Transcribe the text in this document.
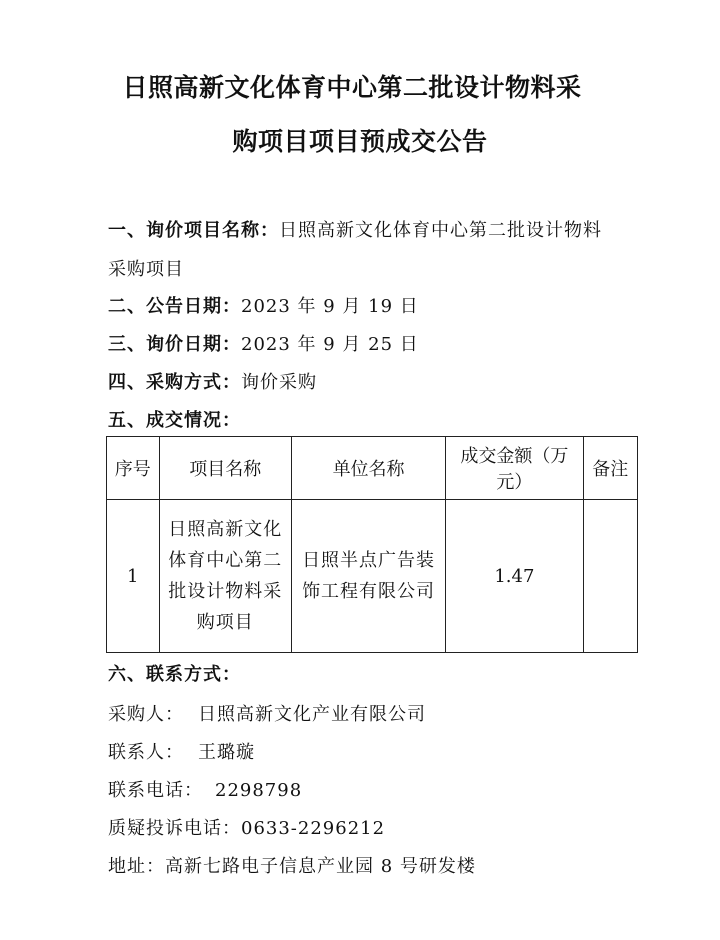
日照高新文化体育中心第二批设计物料采
购项目项目预成交公告
一、询价项目名称：日照高新文化体育中心第二批设计物料
采购项目
二、公告日期：2023 年 9 月 19 日
三、询价日期：2023 年 9 月 25 日
四、采购方式：询价采购
五、成交情况：
序号	项目名称	单位名称	成交金额（万元）	备注
1	日照高新文化体育中心第二批设计物料采购项目	日照半点广告装饰工程有限公司	1.47	
六、联系方式：
采购人： 日照高新文化产业有限公司
联系人： 王璐璇
联系电话： 2298798
质疑投诉电话：0633-2296212
地址：高新七路电子信息产业园 8 号研发楼
